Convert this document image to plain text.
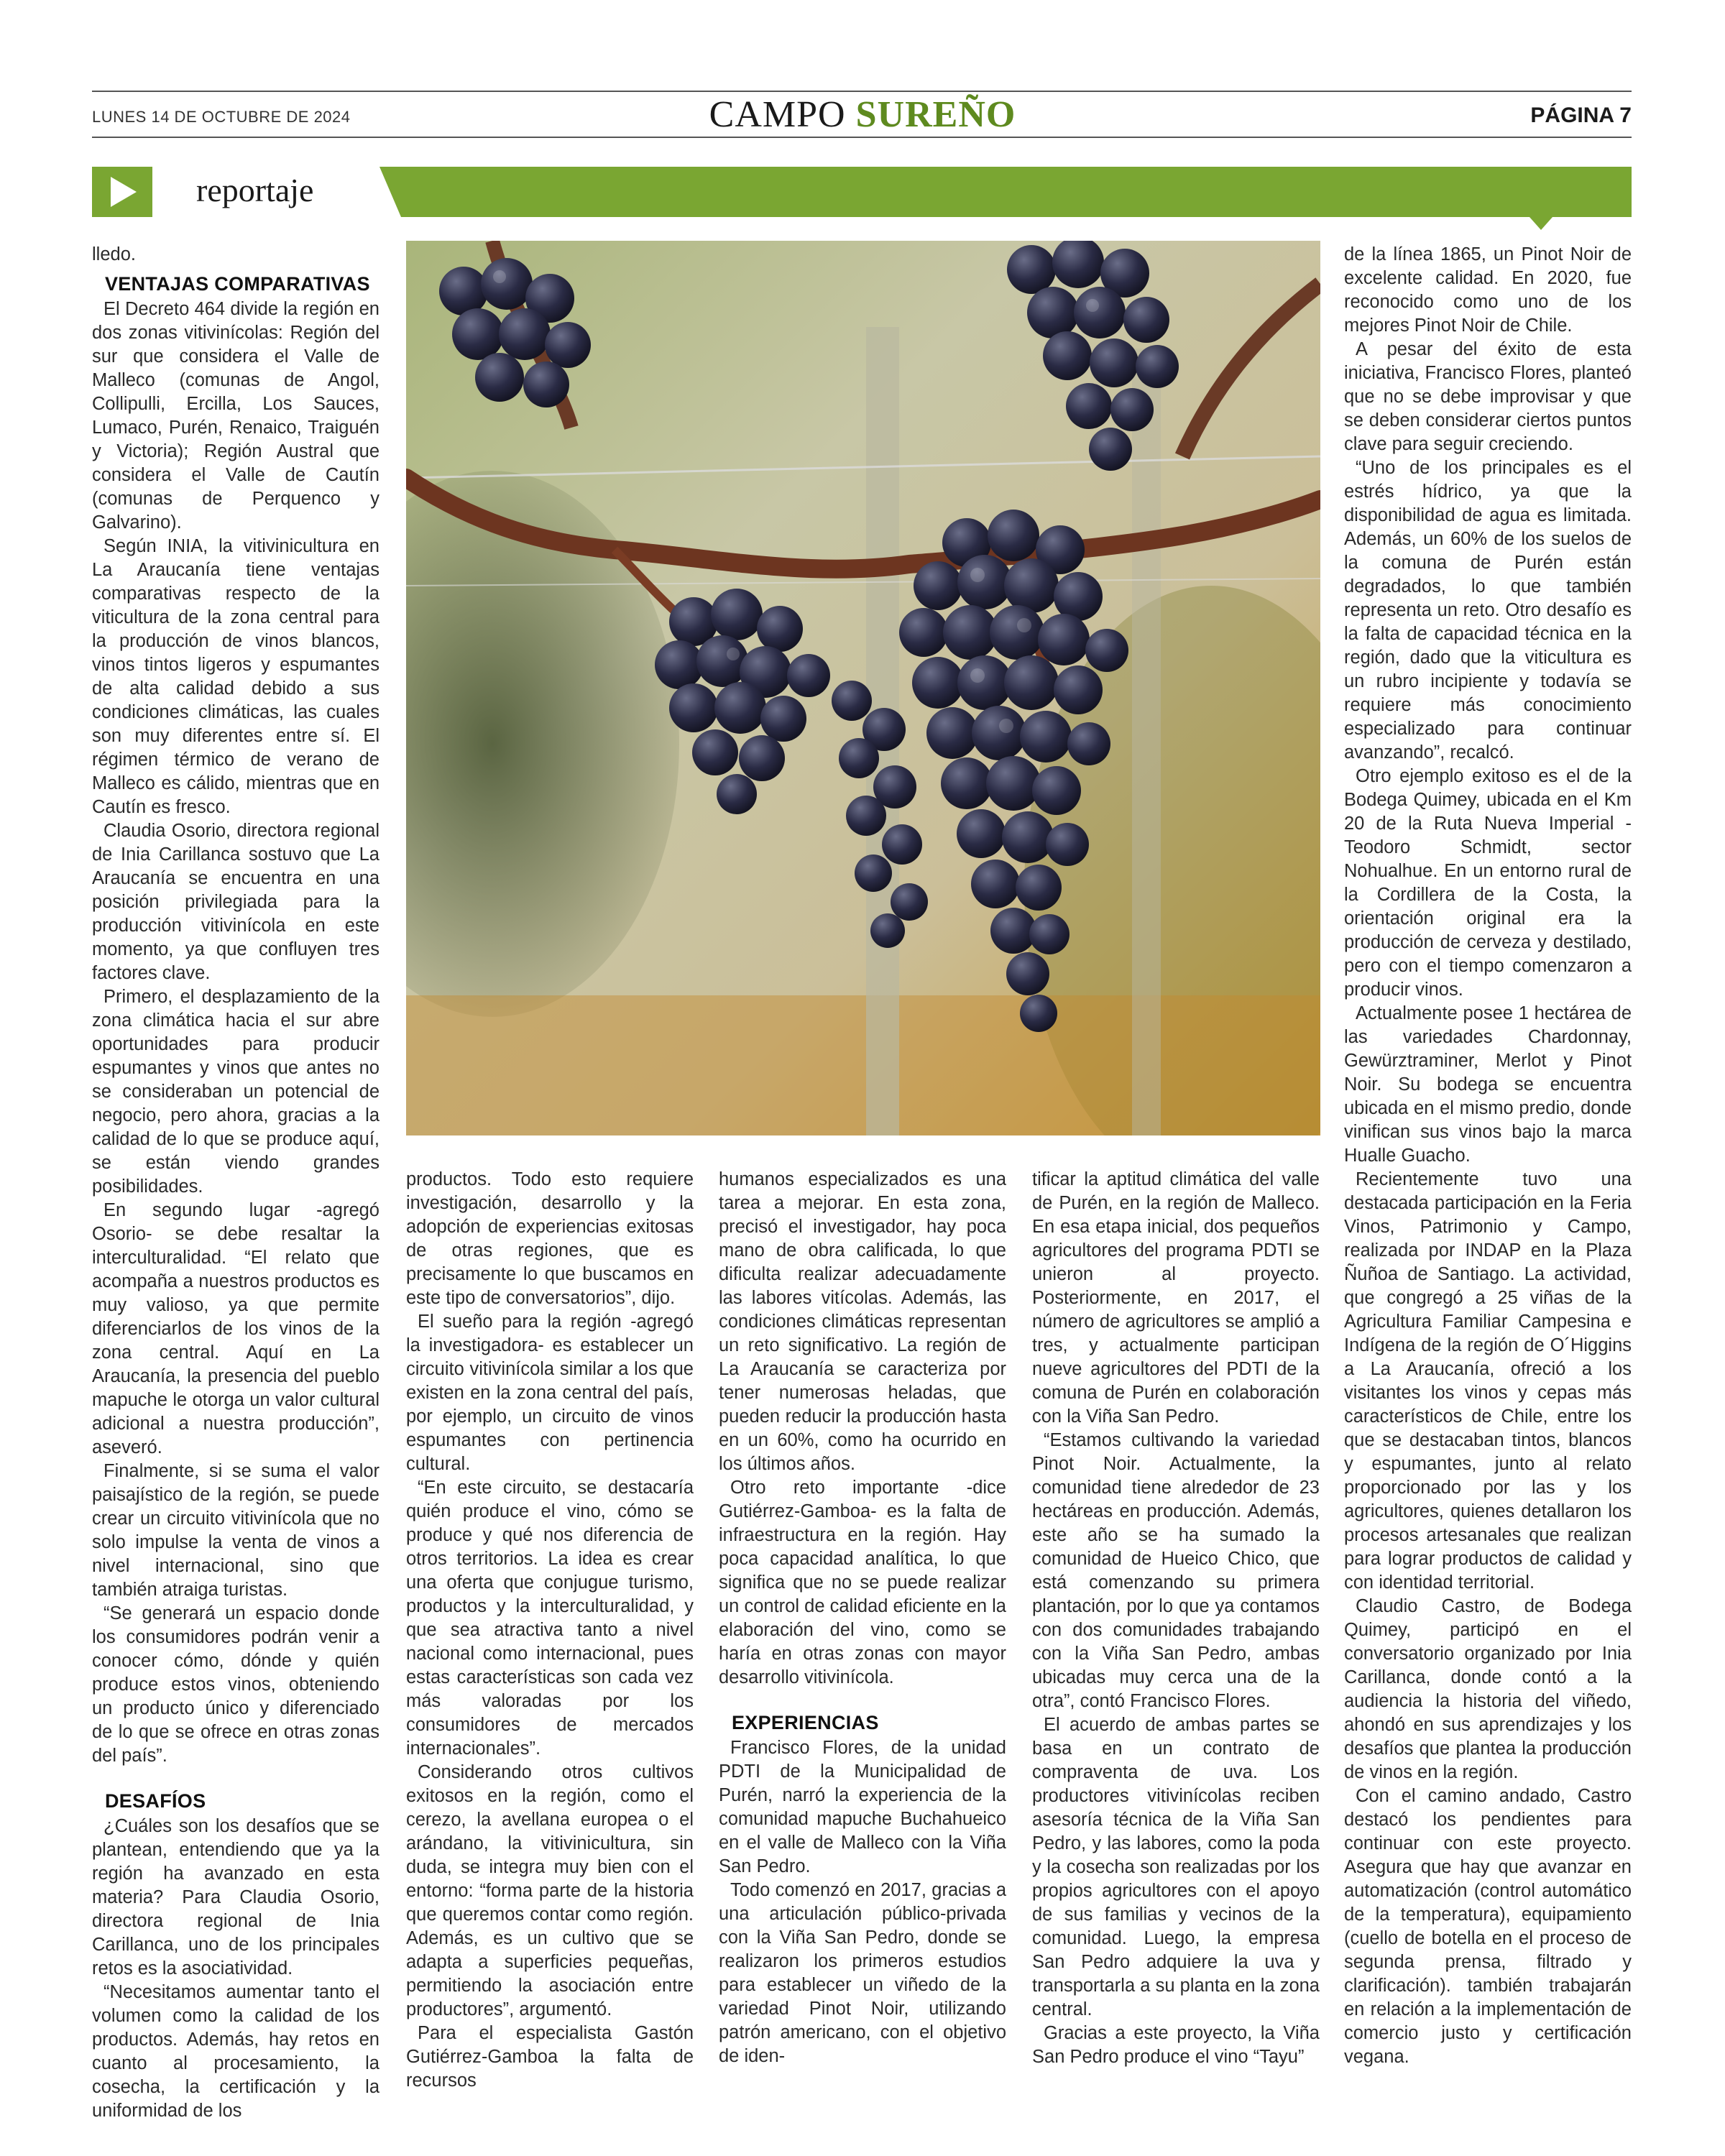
LUNES 14 DE OCTUBRE DE 2024	CAMPO SUREÑO	PÁGINA 7
reportaje

lledo.

VENTAJAS COMPARATIVAS

El Decreto 464 divide la región en dos zonas vitivinícolas: Región del sur que considera el Valle de Malleco (comunas de Angol, Collipulli, Ercilla, Los Sauces, Lumaco, Purén, Renaico, Traiguén y Victoria); Región Austral que considera el Valle de Cautín (comunas de Perquenco y Galvarino).

Según INIA, la vitivinicultura en La Araucanía tiene ventajas comparativas respecto de la viticultura de la zona central para la producción de vinos blancos, vinos tintos ligeros y espumantes de alta calidad debido a sus condiciones climáticas, las cuales son muy diferentes entre sí. El régimen térmico de verano de Malleco es cálido, mientras que en Cautín es fresco.

Claudia Osorio, directora regional de Inia Carillanca sostuvo que La Araucanía se encuentra en una posición privilegiada para la producción vitivinícola en este momento, ya que confluyen tres factores clave.

Primero, el desplazamiento de la zona climática hacia el sur abre oportunidades para producir espumantes y vinos que antes no se consideraban un potencial de negocio, pero ahora, gracias a la calidad de lo que se produce aquí, se están viendo grandes posibilidades.

En segundo lugar -agregó Osorio- se debe resaltar la interculturalidad. “El relato que acompaña a nuestros productos es muy valioso, ya que permite diferenciarlos de los vinos de la zona central. Aquí en La Araucanía, la presencia del pueblo mapuche le otorga un valor cultural adicional a nuestra producción”, aseveró.

Finalmente, si se suma el valor paisajístico de la región, se puede crear un circuito vitivinícola que no solo impulse la venta de vinos a nivel internacional, sino que también atraiga turistas.

“Se generará un espacio donde los consumidores podrán venir a conocer cómo, dónde y quién produce estos vinos, obteniendo un producto único y diferenciado de lo que se ofrece en otras zonas del país”.

DESAFÍOS

¿Cuáles son los desafíos que se plantean, entendiendo que ya la región ha avanzado en esta materia? Para Claudia Osorio, directora regional de Inia Carillanca, uno de los principales retos es la asociatividad.

“Necesitamos aumentar tanto el volumen como la calidad de los productos. Además, hay retos en cuanto al procesamiento, la cosecha, la certificación y la uniformidad de los

productos. Todo esto requiere investigación, desarrollo y la adopción de experiencias exitosas de otras regiones, que es precisamente lo que buscamos en este tipo de conversatorios”, dijo.

El sueño para la región -agregó la investigadora- es establecer un circuito vitivinícola similar a los que existen en la zona central del país, por ejemplo, un circuito de vinos espumantes con pertinencia cultural.

“En este circuito, se destacaría quién produce el vino, cómo se produce y qué nos diferencia de otros territorios. La idea es crear una oferta que conjugue turismo, productos y la interculturalidad, y que sea atractiva tanto a nivel nacional como internacional, pues estas características son cada vez más valoradas por los consumidores de mercados internacionales”.

Considerando otros cultivos exitosos en la región, como el cerezo, la avellana europea o el arándano, la vitivinicultura, sin duda, se integra muy bien con el entorno: “forma parte de la historia que queremos contar como región. Además, es un cultivo que se adapta a superficies pequeñas, permitiendo la asociación entre productores”, argumentó.

Para el especialista Gastón Gutiérrez-Gamboa la falta de recursos

humanos especializados es una tarea a mejorar. En esta zona, precisó el investigador, hay poca mano de obra calificada, lo que dificulta realizar adecuadamente las labores vitícolas. Además, las condiciones climáticas representan un reto significativo. La región de La Araucanía se caracteriza por tener numerosas heladas, que pueden reducir la producción hasta en un 60%, como ha ocurrido en los últimos años.

Otro reto importante -dice Gutiérrez-Gamboa- es la falta de infraestructura en la región. Hay poca capacidad analítica, lo que significa que no se puede realizar un control de calidad eficiente en la elaboración del vino, como se haría en otras zonas con mayor desarrollo vitivinícola.

EXPERIENCIAS

Francisco Flores, de la unidad PDTI de la Municipalidad de Purén, narró la experiencia de la comunidad mapuche Buchahueico en el valle de Malleco con la Viña San Pedro.

Todo comenzó en 2017, gracias a una articulación público-privada con la Viña San Pedro, donde se realizaron los primeros estudios para establecer un viñedo de la variedad Pinot Noir, utilizando patrón americano, con el objetivo de iden-

tificar la aptitud climática del valle de Purén, en la región de Malleco. En esa etapa inicial, dos pequeños agricultores del programa PDTI se unieron al proyecto. Posteriormente, en 2017, el número de agricultores se amplió a tres, y actualmente participan nueve agricultores del PDTI de la comuna de Purén en colaboración con la Viña San Pedro.

“Estamos cultivando la variedad Pinot Noir. Actualmente, la comunidad tiene alrededor de 23 hectáreas en producción. Además, este año se ha sumado la comunidad de Hueico Chico, que está comenzando su primera plantación, por lo que ya contamos con dos comunidades trabajando con la Viña San Pedro, ambas ubicadas muy cerca una de la otra”, contó Francisco Flores.

El acuerdo de ambas partes se basa en un contrato de compraventa de uva. Los productores vitivinícolas reciben asesoría técnica de la Viña San Pedro, y las labores, como la poda y la cosecha son realizadas por los propios agricultores con el apoyo de sus familias y vecinos de la comunidad. Luego, la empresa San Pedro adquiere la uva y transportarla a su planta en la zona central.

Gracias a este proyecto, la Viña San Pedro produce el vino “Tayu”

de la línea 1865, un Pinot Noir de excelente calidad. En 2020, fue reconocido como uno de los mejores Pinot Noir de Chile.

A pesar del éxito de esta iniciativa, Francisco Flores, planteó que no se debe improvisar y que se deben considerar ciertos puntos clave para seguir creciendo.

“Uno de los principales es el estrés hídrico, ya que la disponibilidad de agua es limitada. Además, un 60% de los suelos de la comuna de Purén están degradados, lo que también representa un reto. Otro desafío es la falta de capacidad técnica en la región, dado que la viticultura es un rubro incipiente y todavía se requiere más conocimiento especializado para continuar avanzando”, recalcó.

Otro ejemplo exitoso es el de la Bodega Quimey, ubicada en el Km 20 de la Ruta Nueva Imperial - Teodoro Schmidt, sector Nohualhue. En un entorno rural de la Cordillera de la Costa, la orientación original era la producción de cerveza y destilado, pero con el tiempo comenzaron a producir vinos.

Actualmente posee 1 hectárea de las variedades Chardonnay, Gewürztraminer, Merlot y Pinot Noir. Su bodega se encuentra ubicada en el mismo predio, donde vinifican sus vinos bajo la marca Hualle Guacho.

Recientemente tuvo una destacada participación en la Feria Vinos, Patrimonio y Campo, realizada por INDAP en la Plaza Ñuñoa de Santiago. La actividad, que congregó a 25 viñas de la Agricultura Familiar Campesina e Indígena de la región de O´Higgins a La Araucanía, ofreció a los visitantes los vinos y cepas más característicos de Chile, entre los que se destacaban tintos, blancos y espumantes, junto al relato proporcionado por las y los agricultores, quienes detallaron los procesos artesanales que realizan para lograr productos de calidad y con identidad territorial.

Claudio Castro, de Bodega Quimey, participó en el conversatorio organizado por Inia Carillanca, donde contó a la audiencia la historia del viñedo, ahondó en sus aprendizajes y los desafíos que plantea la producción de vinos en la región.

Con el camino andado, Castro destacó los pendientes para continuar con este proyecto. Asegura que hay que avanzar en automatización (control automático de la temperatura), equipamiento (cuello de botella en el proceso de segunda prensa, filtrado y clarificación). también trabajarán en relación a la implementación de comercio justo y certificación vegana.
